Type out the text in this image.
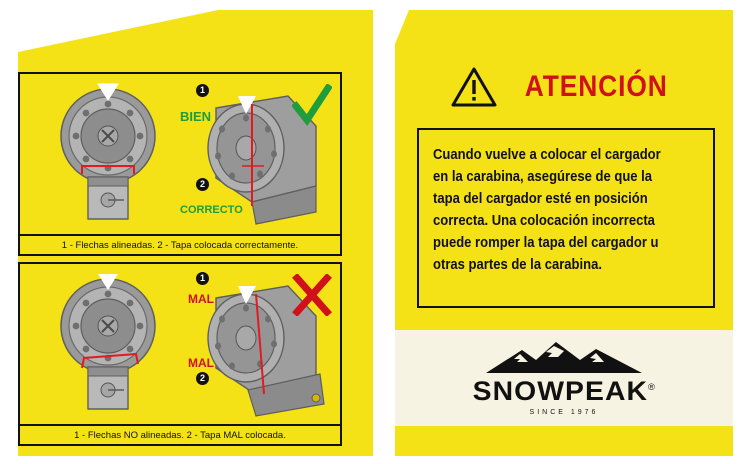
1
2
BIEN
CORRECTO
1 - Flechas alineadas. 2 - Tapa colocada correctamente.
1
2
MAL
MAL
1 - Flechas NO alineadas. 2 - Tapa MAL colocada.
ATENCIÓN
Cuando vuelve a colocar el cargador en la carabina, asegúrese de que la tapa del cargador esté en posición correcta. Una colocación incorrecta puede romper la tapa del cargador u otras partes de la carabina.
SNOWPEAK®
SINCE 1976
